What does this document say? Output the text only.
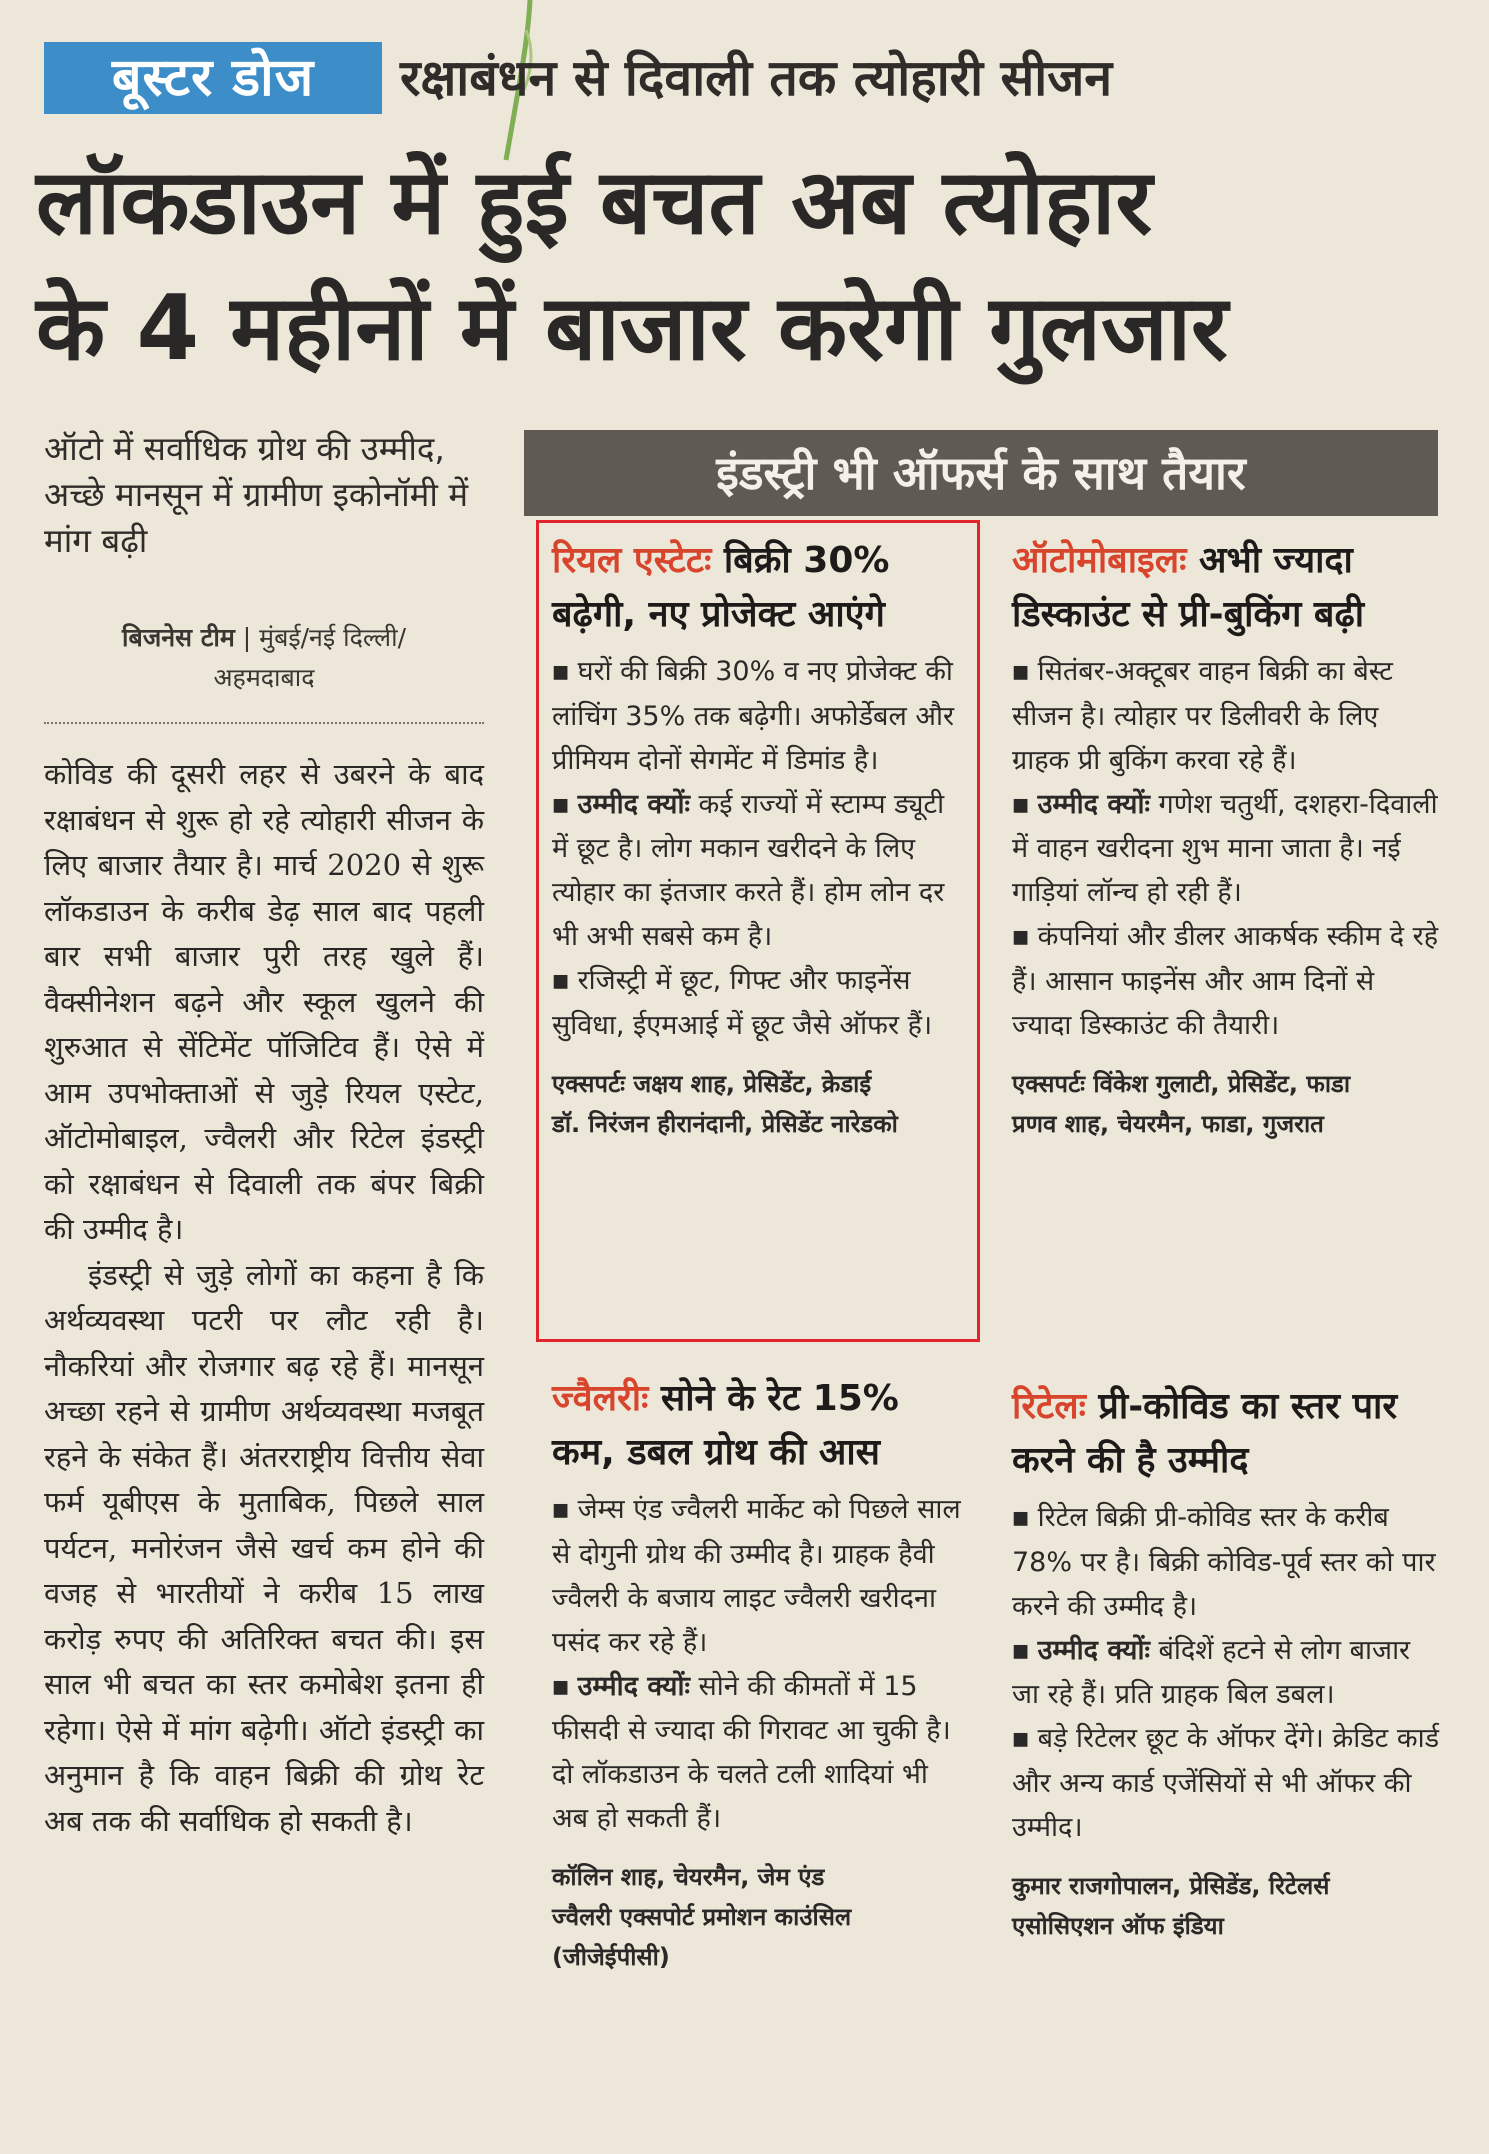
बूस्टर डोज	रक्षाबंधन से दिवाली तक त्योहारी सीजन
लॉकडाउन में हुई बचत अब त्योहार
के 4 महीनों में बाजार करेगी गुलजार
ऑटो में सर्वाधिक ग्रोथ की उम्मीद, अच्छे मानसून में ग्रामीण इकोनॉमी में मांग बढ़ी
बिजनेस टीम | मुंबई/नई दिल्ली/
अहमदाबाद

कोविड की दूसरी लहर से उबरने के बाद रक्षाबंधन से शुरू हो रहे त्योहारी सीजन के लिए बाजार तैयार है। मार्च 2020 से शुरू लॉकडाउन के करीब डेढ़ साल बाद पहली बार सभी बाजार पुरी तरह खुले हैं। वैक्सीनेशन बढ़ने और स्कूल खुलने की शुरुआत से सेंटिमेंट पॉजिटिव हैं। ऐसे में आम उपभोक्ताओं से जुड़े रियल एस्टेट, ऑटोमोबाइल, ज्वैलरी और रिटेल इंडस्ट्री को रक्षाबंधन से दिवाली तक बंपर बिक्री की उम्मीद है।

इंडस्ट्री से जुड़े लोगों का कहना है कि अर्थव्यवस्था पटरी पर लौट रही है। नौकरियां और रोजगार बढ़ रहे हैं। मानसून अच्छा रहने से ग्रामीण अर्थव्यवस्था मजबूत रहने के संकेत हैं। अंतरराष्ट्रीय वित्तीय सेवा फर्म यूबीएस के मुताबिक, पिछले साल पर्यटन, मनोरंजन जैसे खर्च कम होने की वजह से भारतीयों ने करीब 15 लाख करोड़ रुपए की अतिरिक्त बचत की। इस साल भी बचत का स्तर कमोबेश इतना ही रहेगा। ऐसे में मांग बढ़ेगी। ऑटो इंडस्ट्री का अनुमान है कि वाहन बिक्री की ग्रोथ रेट अब तक की सर्वाधिक हो सकती है।

इंडस्ट्री भी ऑफर्स के साथ तैयार
रियल एस्टेटः बिक्री 30% बढ़ेगी, नए प्रोजेक्ट आएंगे

■ घरों की बिक्री 30% व नए प्रोजेक्ट की लांचिंग 35% तक बढ़ेगी। अफोर्डेबल और प्रीमियम दोनों सेगमेंट में डिमांड है।

■ उम्मीद क्योंः कई राज्यों में स्टाम्प ड्यूटी में छूट है। लोग मकान खरीदने के लिए त्योहार का इंतजार करते हैं। होम लोन दर भी अभी सबसे कम है।

■ रजिस्ट्री में छूट, गिफ्ट और फाइनेंस सुविधा, ईएमआई में छूट जैसे ऑफर हैं।

एक्सपर्टः जक्षय शाह, प्रेसिडेंट, क्रेडाई
डॉ. निरंजन हीरानंदानी, प्रेसिडेंट नारेडको
ऑटोमोबाइलः अभी ज्यादा डिस्काउंट से प्री-बुकिंग बढ़ी

■ सितंबर-अक्टूबर वाहन बिक्री का बेस्ट सीजन है। त्योहार पर डिलीवरी के लिए ग्राहक प्री बुकिंग करवा रहे हैं।

■ उम्मीद क्योंः गणेश चतुर्थी, दशहरा-दिवाली में वाहन खरीदना शुभ माना जाता है। नई गाड़ियां लॉन्च हो रही हैं।

■ कंपनियां और डीलर आकर्षक स्कीम दे रहे हैं। आसान फाइनेंस और आम दिनों से ज्यादा डिस्काउंट की तैयारी।

एक्सपर्टः विंकेश गुलाटी, प्रेसिडेंट, फाडा
प्रणव शाह, चेयरमैन, फाडा, गुजरात
ज्वैलरीः सोने के रेट 15% कम, डबल ग्रोथ की आस

■ जेम्स एंड ज्वैलरी मार्केट को पिछले साल से दोगुनी ग्रोथ की उम्मीद है। ग्राहक हैवी ज्वैलरी के बजाय लाइट ज्वैलरी खरीदना पसंद कर रहे हैं।

■ उम्मीद क्योंः सोने की कीमतों में 15 फीसदी से ज्यादा की गिरावट आ चुकी है। दो लॉकडाउन के चलते टली शादियां भी अब हो सकती हैं।

कॉलिन शाह, चेयरमैन, जेम एंड
ज्वैलरी एक्सपोर्ट प्रमोशन काउंसिल
(जीजेईपीसी)
रिटेलः प्री-कोविड का स्तर पार करने की है उम्मीद

■ रिटेल बिक्री प्री-कोविड स्तर के करीब 78% पर है। बिक्री कोविड-पूर्व स्तर को पार करने की उम्मीद है।

■ उम्मीद क्योंः बंदिशें हटने से लोग बाजार जा रहे हैं। प्रति ग्राहक बिल डबल।

■ बड़े रिटेलर छूट के ऑफर देंगे। क्रेडिट कार्ड और अन्य कार्ड एजेंसियों से भी ऑफर की उम्मीद।

कुमार राजगोपालन, प्रेसिडेंड, रिटेलर्स
एसोसिएशन ऑफ इंडिया
